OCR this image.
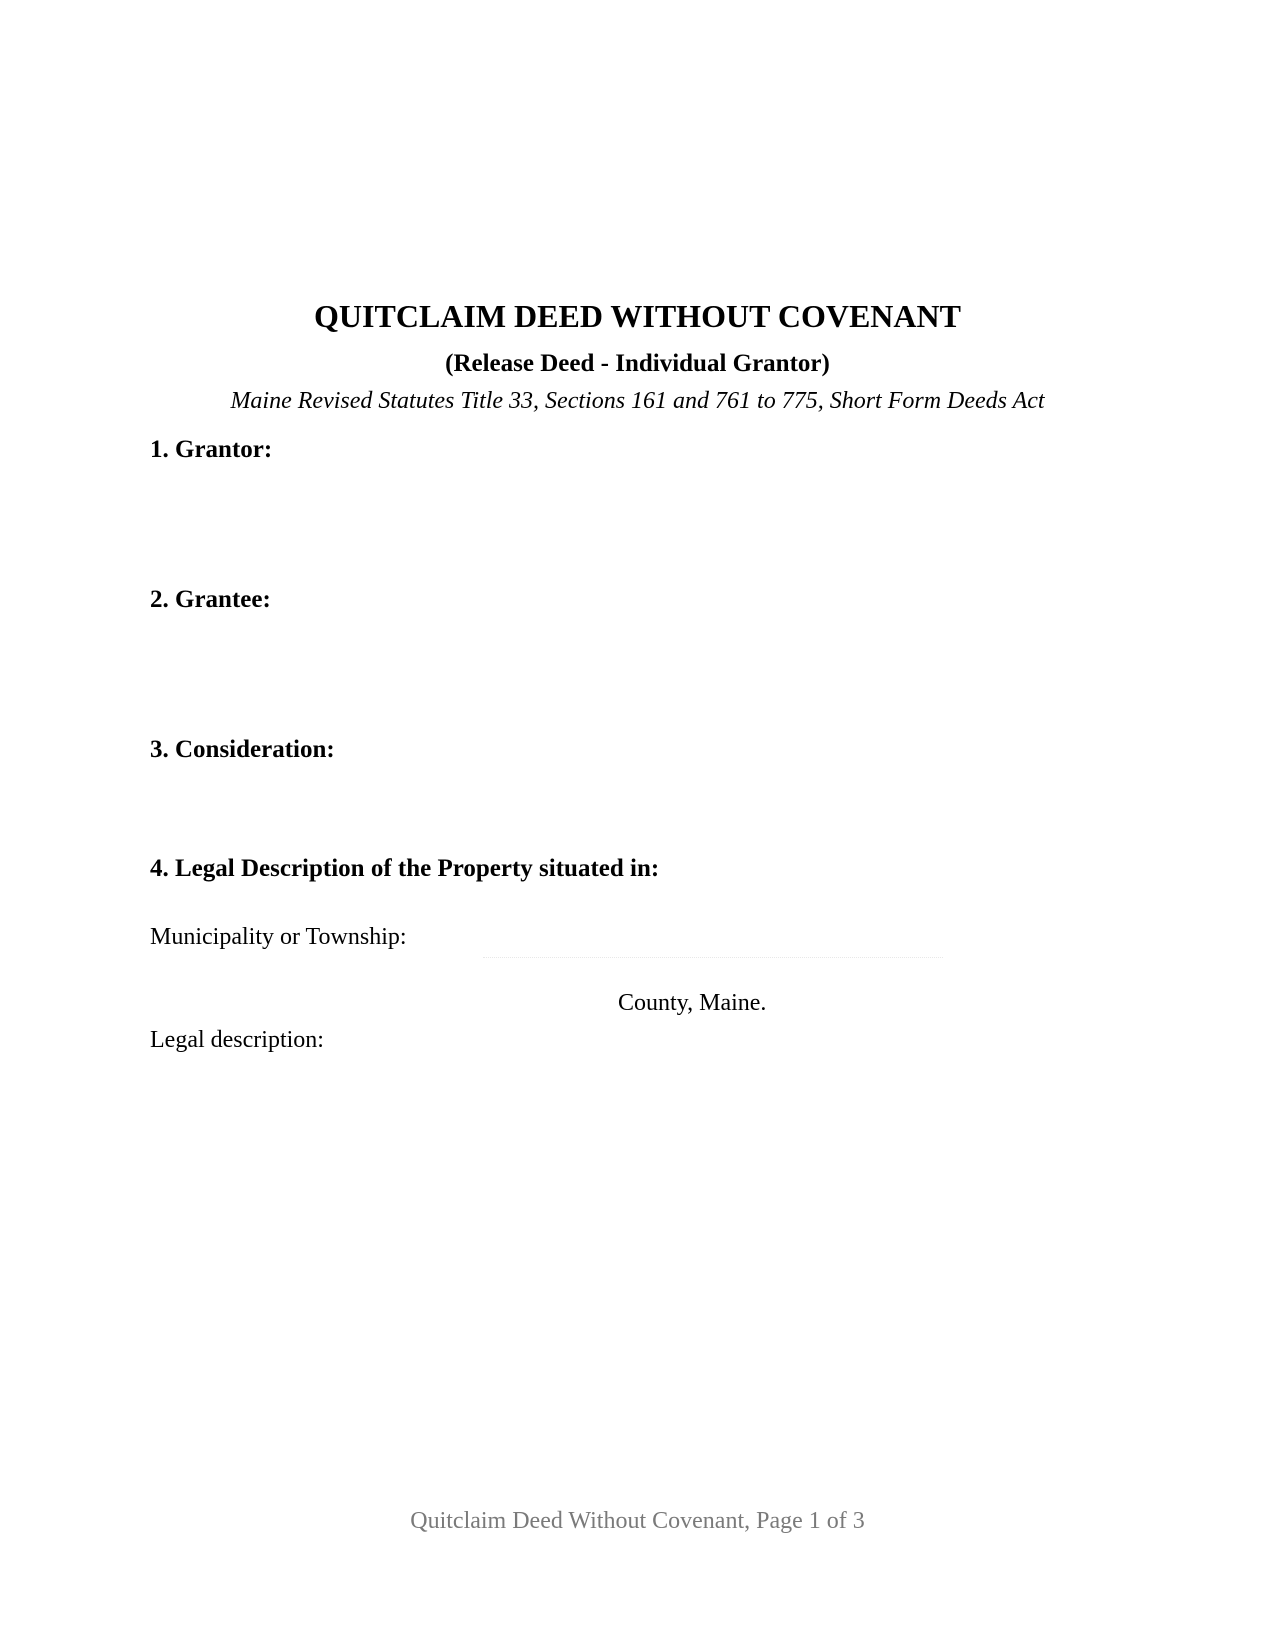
QUITCLAIM DEED WITHOUT COVENANT
(Release Deed - Individual Grantor)
Maine Revised Statutes Title 33, Sections 161 and 761 to 775, Short Form Deeds Act
1. Grantor:
2. Grantee:
3. Consideration:
4. Legal Description of the Property situated in:
Municipality or Township:
County, Maine.
Legal description:
Quitclaim Deed Without Covenant, Page 1 of 3
